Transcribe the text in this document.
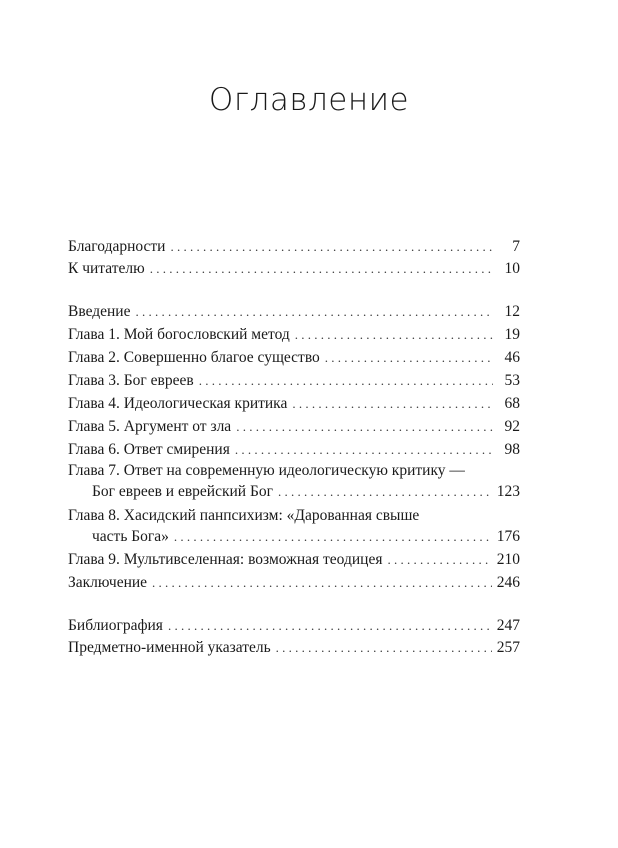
Оглавление
Благодарности . . .	7
К читателю . . .	10
Введение . . .	12
Глава 1. Мой богословский метод . . .	19
Глава 2. Совершенно благое существо . . .	46
Глава 3. Бог евреев . . .	53
Глава 4. Идеологическая критика . . .	68
Глава 5. Аргумент от зла . . .	92
Глава 6. Ответ смирения . . .	98
Глава 7. Ответ на современную идеологическую критику —
Бог евреев и еврейский Бог . . .	123
Глава 8. Хасидский панпсихизм: «Дарованная свыше
часть Бога» . . .	176
Глава 9. Мультивселенная: возможная теодицея . . .	210
Заключение . . .	246
Библиография . . .	247
Предметно-именной указатель . . .	257
